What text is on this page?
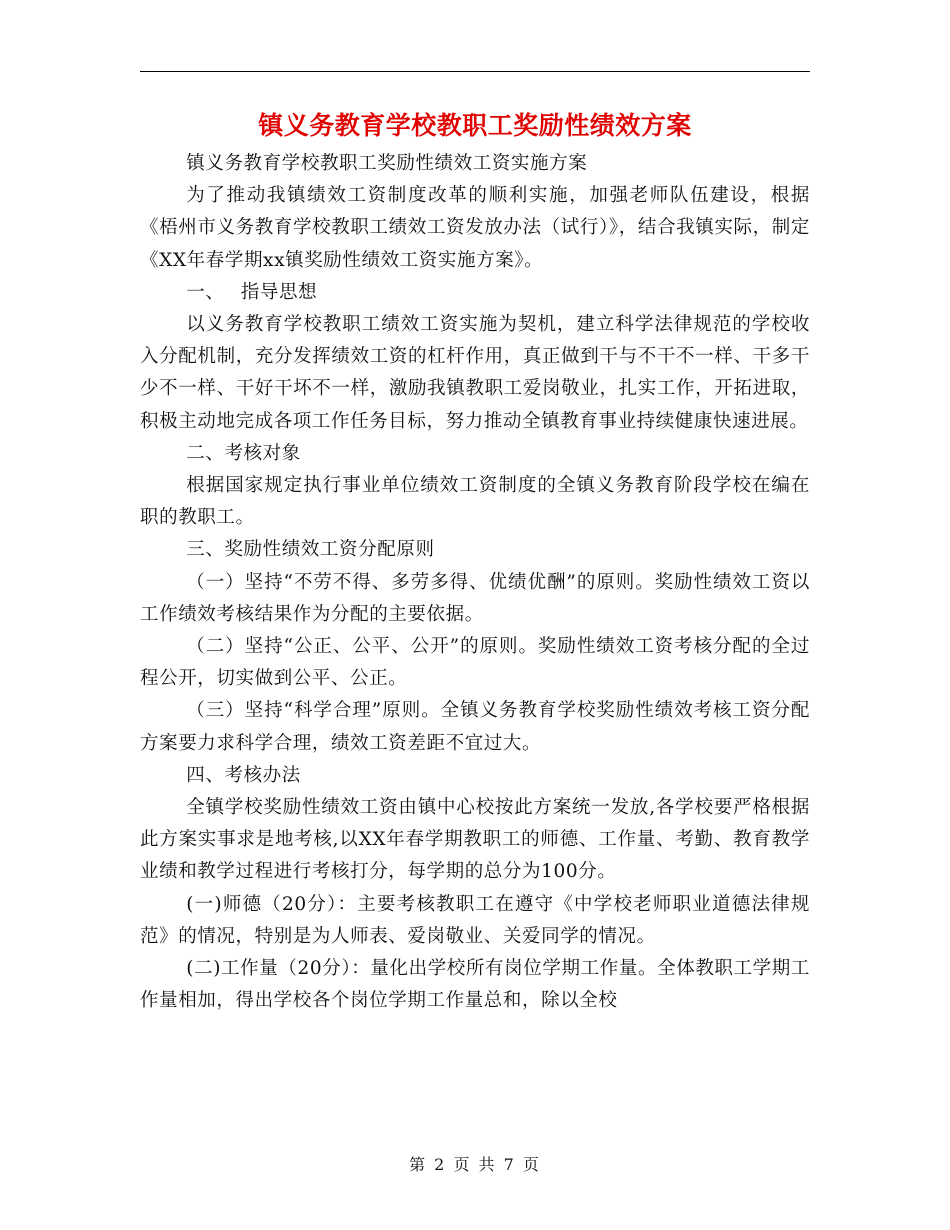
镇义务教育学校教职工奖励性绩效方案

镇义务教育学校教职工奖励性绩效工资实施方案

为了推动我镇绩效工资制度改革的顺利实施，加强老师队伍建设，根据《梧州市义务教育学校教职工绩效工资发放办法（试行）》，结合我镇实际，制定《XX年春学期xx镇奖励性绩效工资实施方案》。

一、　 指导思想

以义务教育学校教职工绩效工资实施为契机，建立科学法律规范的学校收入分配机制，充分发挥绩效工资的杠杆作用，真正做到干与不干不一样、干多干少不一样、干好干坏不一样，激励我镇教职工爱岗敬业，扎实工作，开拓进取，积极主动地完成各项工作任务目标，努力推动全镇教育事业持续健康快速进展。

二、考核对象

根据国家规定执行事业单位绩效工资制度的全镇义务教育阶段学校在编在职的教职工。

三、奖励性绩效工资分配原则

（一）坚持“不劳不得、多劳多得、优绩优酬”的原则。奖励性绩效工资以工作绩效考核结果作为分配的主要依据。

（二）坚持“公正、公平、公开”的原则。奖励性绩效工资考核分配的全过程公开，切实做到公平、公正。

（三）坚持“科学合理”原则。全镇义务教育学校奖励性绩效考核工资分配方案要力求科学合理，绩效工资差距不宜过大。

四、考核办法

全镇学校奖励性绩效工资由镇中心校按此方案统一发放,各学校要严格根据此方案实事求是地考核,以XX年春学期教职工的师德、工作量、考勤、教育教学业绩和教学过程进行考核打分，每学期的总分为100分。

(一)师德（20分）：主要考核教职工在遵守《中学校老师职业道德法律规范》的情况，特别是为人师表、爱岗敬业、关爱同学的情况。

(二)工作量（20分）：量化出学校所有岗位学期工作量。全体教职工学期工作量相加，得出学校各个岗位学期工作量总和，除以全校

第 2 页 共 7 页
